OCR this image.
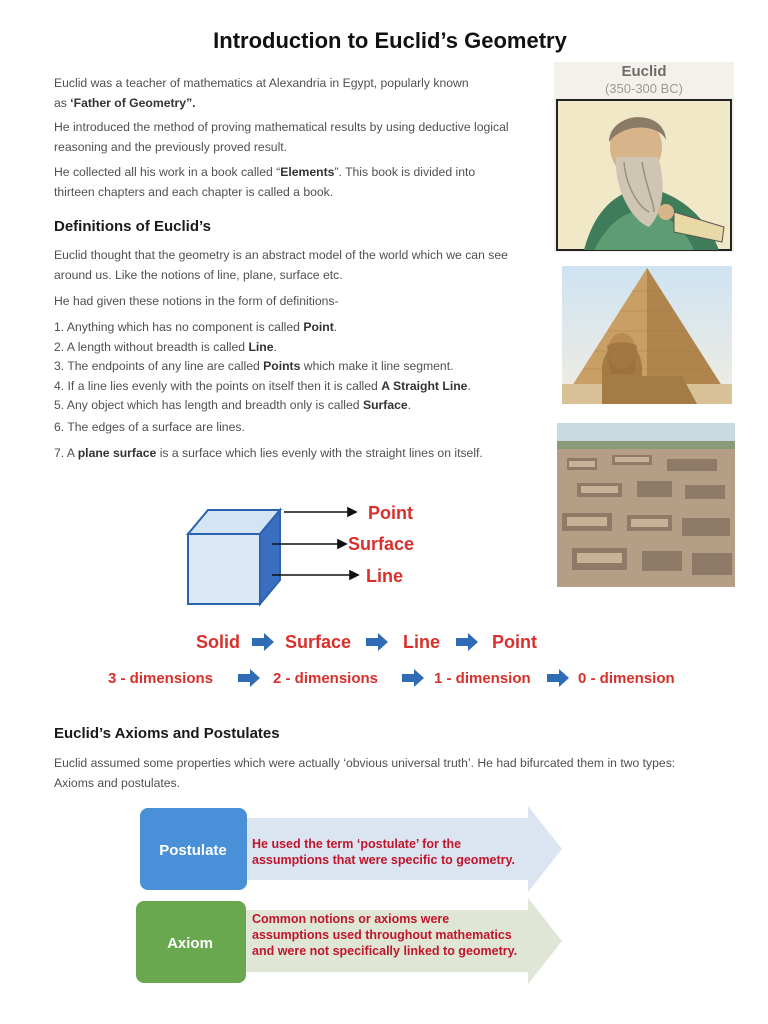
Introduction to Euclid’s Geometry

Euclid was a teacher of mathematics at Alexandria in Egypt, popularly known
as ‘Father of Geometry”.

He introduced the method of proving mathematical results by using deductive logical
reasoning and the previously proved result.

He collected all his work in a book called “Elements”. This book is divided into
thirteen chapters and each chapter is called a book.

Definitions of Euclid’s

Euclid thought that the geometry is an abstract model of the world which we can see
around us. Like the notions of line, plane, surface etc.

He had given these notions in the form of definitions-

1. Anything which has no component is called Point.
2. A length without breadth is called Line.
3. The endpoints of any line are called Points which make it line segment.
4. If a line lies evenly with the points on itself then it is called A Straight Line.
5. Any object which has length and breadth only is called Surface.

6. The edges of a surface are lines.

7. A plane surface is a surface which lies evenly with the straight lines on itself.

Euclid
(350-300 BC)
Point
Surface
Line
Solid	Surface	Line	Point
3 - dimensions	2 - dimensions	1 - dimension	0 - dimension
Euclid’s Axioms and Postulates

Euclid assumed some properties which were actually ‘obvious universal truth’. He had bifurcated them in two types:
Axioms and postulates.

Postulate He used the term ‘postulate’ for the
assumptions that were specific to geometry.
Axiom
Common notions or axioms were
assumptions used throughout mathematics
and were not specifically linked to geometry.
